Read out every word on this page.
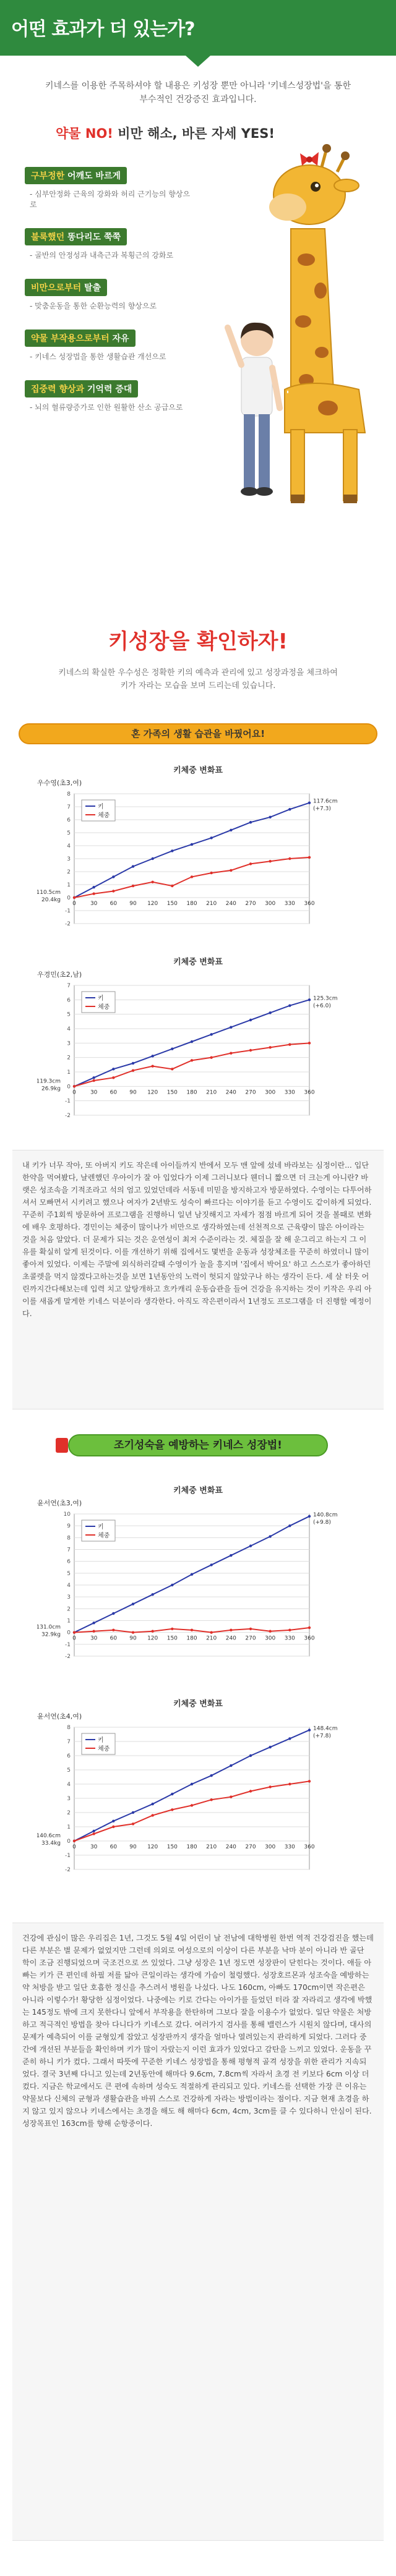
어떤 효과가 더 있는가?
키네스를 이용한 주목하셔야 할 내용은 키성장 뿐만 아니라 '키네스성장법'을 통한
부수적인 건강증진 효과입니다.
약물 NO! 비만 해소, 바른 자세 YES!
구부정한 어깨도 바르게
- 심부안정화 근육의 강화와 허리 근기능의 향상으로
불룩했던 똥다리도 쭉쭉
- 골반의 안정성과 내측근과 복횡근의 강화로
비만으로부터 탈출
- 맞춤운동을 통한 순환능력의 향상으로
약물 부작용으로부터 자유
- 키네스 성장법을 통한 생활습관 개선으로
집중력 향상과 기억력 증대
- 뇌의 혈류량증가로 인한 원활한 산소 공급으로
키성장을 확인하자!
키네스의 확실한 우수성은 정확한 키의 예측과 관리에 있고 성장과정을 체크하여
키가 자라는 모습을 보며 드리는데 있습니다.
혼 가족의 생활 습관을 바꿨어요!
키체중 변화표
우수영(초3,여)
-2
-1
0
1
2
3
4
5
6
7
8
0	30 60 90 120 150 180 210 240 270 300 330 360
키
체중
110.5cm
20.4kg
117.6cm
(+7.3)
키체중 변화표
우경민(초2,남)
-2
-1
0
1
2
3
4
5
6
7
0	30 60 90 120 150 180 210 240 270 300 330 360
키
체중
119.3cm
26.9kg
125.3cm
(+6.0)
내 키가 너무 작아, 또 아버지 키도 작은데 아이들까지 반에서 모두 맨 앞에 섰네 바라보는 심정이란... 입단 한약을 먹여봤다, 날렌했던 우아이가 잘 아 입었다가 이제 그러니보다 웬더니 짧으면 더 크는게 아니란? 바랫은 성조속을 기적조라고 석의 엄고 있었던데라 서동네 미믿을 방지하고자 방문하였다. 수영이는 다투어하셔서 모빠면서 시키려고 했으나 여자가 2년밖도 성숙이 빠르다는 이야기를 듣고 수영이도 같이하게 되었다. 꾸준히 주1회씩 방문하여 프로그램을 진행하니 일년 남짓해지고 자세가 점점 바르게 되어 것을 볼때로 변화에 배우 호평하다. 경민이는 체중이 많이나가 비만으로 생각하였는데 선천적으로 근육량이 많은 아이라는 것을 처음 알았다. 더 문제가 되는 것은 운연성이 최저 수준이라는 것. 체질을 잘 해 운그리고 하는지 그 이유를 확실히 알게 된것이다. 이를 개선하기 위해 집에서도 몇번을 운동과 성장체조를 꾸준히 하였더니 많이 좋아져 있었다. 이제는 주말에 외식하러갈때 수영이가 놀을 흥지며 '집에서 박어요' 하고 스스로가 좋아하던 초콜렛을 먹지 않겠다고하는것을 보면 1년동안의 노력이 헛되지 않았구나 하는 생각이 든다. 세 살 터웃 어린까지간다해보는데 입력 치고 앞탕개하고 흐카캐리 운동습관을 들여 건강을 유지하는 것이 키작은 우리 아이를 새롭게 말게한 키네스 덕분이라 생각한다. 아직도 작은편이라서 1년정도 프로그램을 더 진행할 예정이다.
조기성숙을 예방하는 키네스 성장법!
키체중 변화표
윤서연(초3,여)
-2
-1
0
1
2
3
4
5
6
7
8
9
10
0	30 60 90 120 150 180 210 240 270 300 330 360
키
체중
131.0cm
32.9kg
140.8cm
(+9.8)
키체중 변화표
윤서연(초4,여)
-2
-1
0
1
2
3
4
5
6
7
8
0	30 60 90 120 150 180 210 240 270 300 330 360
키
체중
140.6cm
33.4kg
148.4cm
(+7.8)
건강에 관심이 많은 우리집은 1년, 그것도 5월 4일 어린이 날 전남에 대학병원 한번 역적 건강검진을 했는데 다른 부분은 별 문제가 없었지만 그런데 의외로 여성으로의 이상이 다른 부분을 낙마 분이 아니라 반 골단 학이 조금 진행되었으며 국조건으로 쓰 있었다. 그냥 성장은 1년 정도면 성장판이 닫힌다는 것이다. 애들 아빠는 키가 큰 편인데 하필 저를 닮아 큰일이라는 생각에 가슴이 철렁했다. 성장호르몬과 성조숙을 예방하는 약 처방을 받고 일단 호흡한 정신을 추스려서 병원을 나섰다. 나도 160cm, 아빠도 170cm이면 작은편은 아니라 이렇수가! 황당한 심정이었다. 나중에는 키로 간다는 아이가를 들었던 터라 잘 자라리고 생각에 박했는 145정도 밖에 크지 못한다니 앞에서 부작용을 한탄하며 그보다 잘을 이용수가 없었다. 일단 약물은 처방하고 적극적인 방법을 찾아 다니다가 키네스로 갔다. 여러가지 검사를 통해 밸런스가 시원치 않다며, 대사의 문제가 예측되어 이를 균형있게 잡았고 성장판까지 생각을 얼마나 열려있는지 관리하게 되었다. 그러다 중간에 개선된 부분들을 확인하며 키가 많이 자랐는지 이런 효과가 있었다고 감탄을 느끼고 있었다. 운동을 꾸준히 하니 키가 컸다. 그래서 따뜻에 꾸준한 키네스 성장법을 통해 평형적 골격 성장을 위한 관리가 지속되었다. 결국 3년째 다니고 있는데 2년동안에 해마다 9.6cm, 7.8cm씩 자라서 초경 전 키보다 6cm 이상 더 컸다. 지금은 학교에서도 큰 편에 속하며 성숙도 적절하게 관리되고 있다. 키네스를 선택한 가장 큰 이유는 약물보다 신체의 균형과 생활습관을 바꿔 스스로 건강하게 자라는 방법이라는 점이다. 지금 현재 초경을 하지 않고 있지 않으나 키네스에서는 초경을 해도 해 해마다 6cm, 4cm, 3cm를 클 수 있다하니 안심이 된다. 성장목표인 163cm를 향해 순항중이다.
